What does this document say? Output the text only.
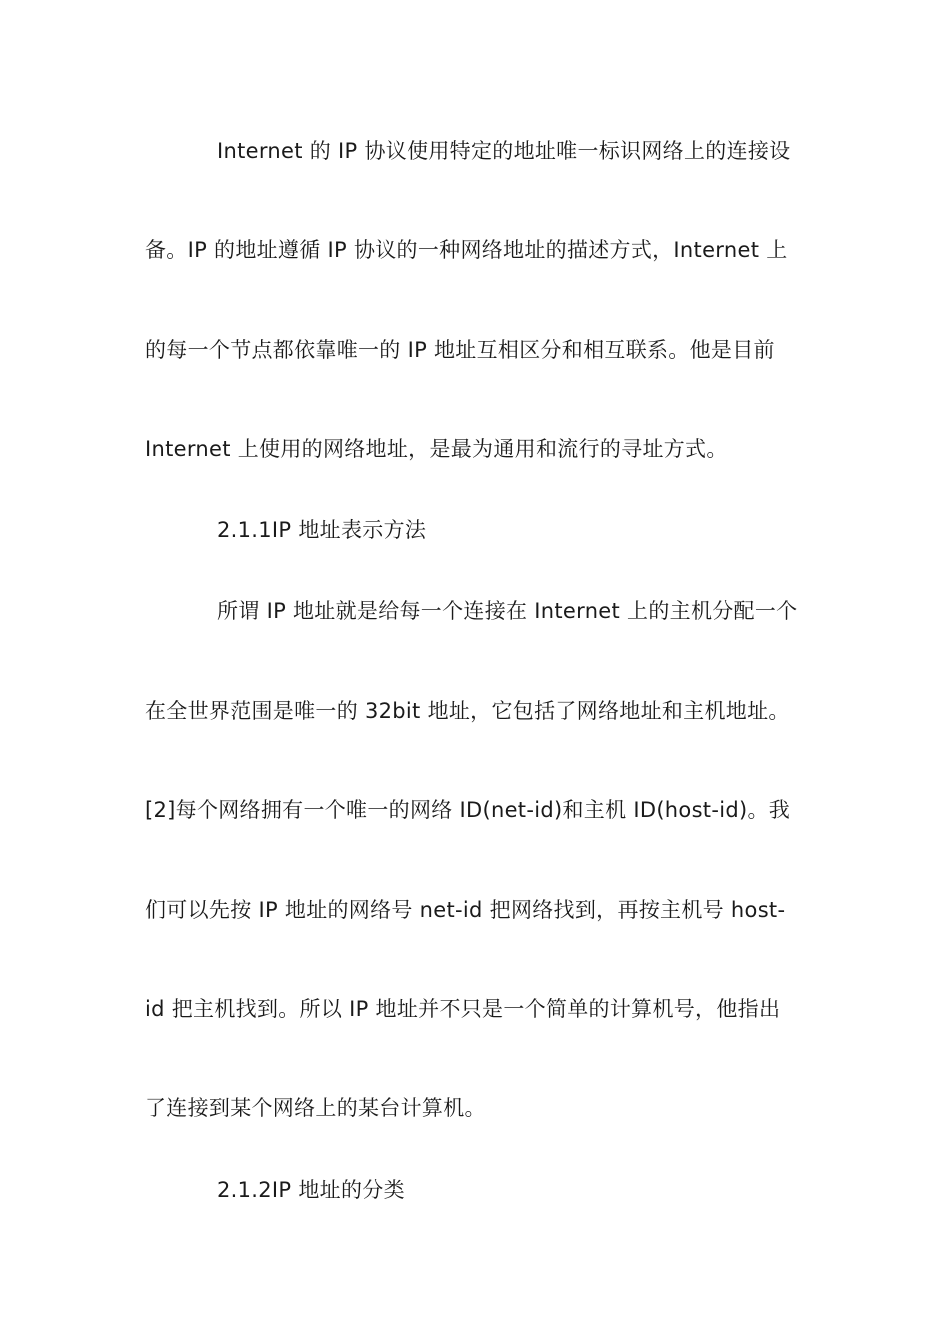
Internet 的 IP 协议使用特定的地址唯一标识网络上的连接设
备。IP 的地址遵循 IP 协议的一种网络地址的描述方式，Internet 上
的每一个节点都依靠唯一的 IP 地址互相区分和相互联系。他是目前
Internet 上使用的网络地址，是最为通用和流行的寻址方式。
2.1.1IP 地址表示方法
所谓 IP 地址就是给每一个连接在 Internet 上的主机分配一个
在全世界范围是唯一的 32bit 地址，它包括了网络地址和主机地址。
[2]每个网络拥有一个唯一的网络 ID(net-id)和主机 ID(host-id)。我
们可以先按 IP 地址的网络号 net-id 把网络找到，再按主机号 host-
id 把主机找到。所以 IP 地址并不只是一个简单的计算机号，他指出
了连接到某个网络上的某台计算机。
2.1.2IP 地址的分类
